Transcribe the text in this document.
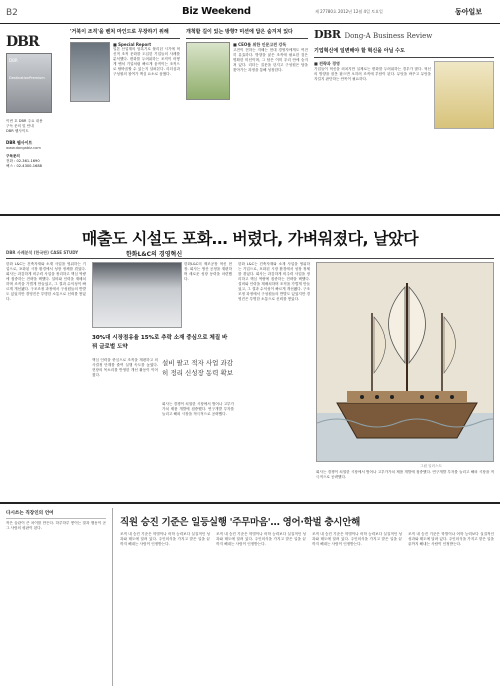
B2	Biz Weekend	제 27780호 2012년 12월 4일 토요일	동아일보
DBR
DBR
DestinationPremium
이번 호 DBR 주요 내용
구독 문의 및 안내
DBR 웹사이트
DBR 웹사이트
www.dongabiz.com
구독문의
전화 : 02-361-1690
팩스 : 02-4300-1688
'거북이 조직'을 벤처 마인드로 무장하기 위해
■ Special Report
일본 산업계의 암흑기로 불리던 시기에 혁신적 조직 문화를 도입한 기업들의 사례를 분석했다. 변화를 두려워하는 조직이 어떻게 벤처 기업처럼 빠르게 움직이는 조직으로 탈바꿈할 수 있는지 살펴본다. 리더십과 구성원의 참여가 핵심 요소로 꼽혔다.
개척할 길이 있는 방향? 미션에 답은 숨겨져 있다
■ CEO를 위한 인문고전 강독
고전이 전하는 지혜는 현대 경영자에게도 여전히 유효하다. 방향을 잃은 조직에 필요한 것은 명확한 미션이며, 그 답은 이미 우리 안에 숨겨져 있다. 리더는 질문을 던지고 구성원은 답을 찾아가는 과정을 통해 성장한다.
DBR Dong-A Business Review
기업혁신에 일변해야 할 혁신을 아닐 수도
■ 전략과 경영
기업들이 혁신을 외치지만 실제로는 변화를 두려워하는 경우가 많다. 혁신의 방향을 잘못 잡으면 오히려 조직에 부담이 된다. 무엇을 바꾸고 무엇을 지킬지 판단하는 안목이 필요하다.
매출도 시설도 포화… 버렸다, 가벼워졌다, 날았다
DBR 사례분석 (한국판) CASE STUDY	한화L&C의 경영혁신
한화 L&C는 건축자재와 소재 사업을 영위하는 기업으로, 포화된 시장 환경에서 성장 정체를 겪었다. 회사는 과감하게 비주력 사업을 정리하고 핵심 역량에 집중하는 전략을 택했다. 설비와 인력을 재배치하며 조직을 가볍게 만들었고, 그 결과 수익성이 빠르게 개선됐다. 구조조정 과정에서 구성원들의 반발도 있었지만 경영진은 투명한 소통으로 신뢰를 쌓았다.
한화L&C의 제조공장 혁신 현장. 회사는 생산 공정을 재편하며 새로운 성장 동력을 마련했다.
30%대 시장점유율 15%로 추락 소재 중심으로 체질 바꿔 글로벌 도약
핵심 인력을 중심으로 조직을 재편하고 의사결정 단계를 줄여 실행 속도를 높였다. 현장의 목소리를 반영한 개선 활동이 이어졌다.
설비 팔고 적자 사업 과감히 정리 신성장 동력 확보
회사는 경쟁이 치열한 시장에서 벗어나 고부가가치 제품 개발에 집중했다. 연구개발 투자를 늘리고 해외 시장을 적극적으로 공략했다.
한화 L&C는 건축자재와 소재 사업을 영위하는 기업으로, 포화된 시장 환경에서 성장 정체를 겪었다. 회사는 과감하게 비주력 사업을 정리하고 핵심 역량에 집중하는 전략을 택했다. 설비와 인력을 재배치하며 조직을 가볍게 만들었고, 그 결과 수익성이 빠르게 개선됐다. 구조조정 과정에서 구성원들의 반발도 있었지만 경영진은 투명한 소통으로 신뢰를 쌓았다.
그림 일러스트
회사는 경쟁이 치열한 시장에서 벗어나 고부가가치 제품 개발에 집중했다. 연구개발 투자를 늘리고 해외 시장을 적극적으로 공략했다.
다시쓰는 직장인의 언어
작은 습관이 큰 차이를 만든다. 하루하루 쌓이는 말과 행동이 곧 그 사람의 평판이 된다.	직원 승진 기준은 일등실행 '주무마음'… 영어·학벌 충시안해
조직 내 승진 기준은 학벌이나 어학 능력보다 실질적인 성과와 태도에 달려 있다. 주인의식을 가지고 맡은 일을 끝까지 해내는 사람이 인정받는다.
조직 내 승진 기준은 학벌이나 어학 능력보다 실질적인 성과와 태도에 달려 있다. 주인의식을 가지고 맡은 일을 끝까지 해내는 사람이 인정받는다.
조직 내 승진 기준은 학벌이나 어학 능력보다 실질적인 성과와 태도에 달려 있다. 주인의식을 가지고 맡은 일을 끝까지 해내는 사람이 인정받는다.
조직 내 승진 기준은 학벌이나 어학 능력보다 실질적인 성과와 태도에 달려 있다. 주인의식을 가지고 맡은 일을 끝까지 해내는 사람이 인정받는다.
